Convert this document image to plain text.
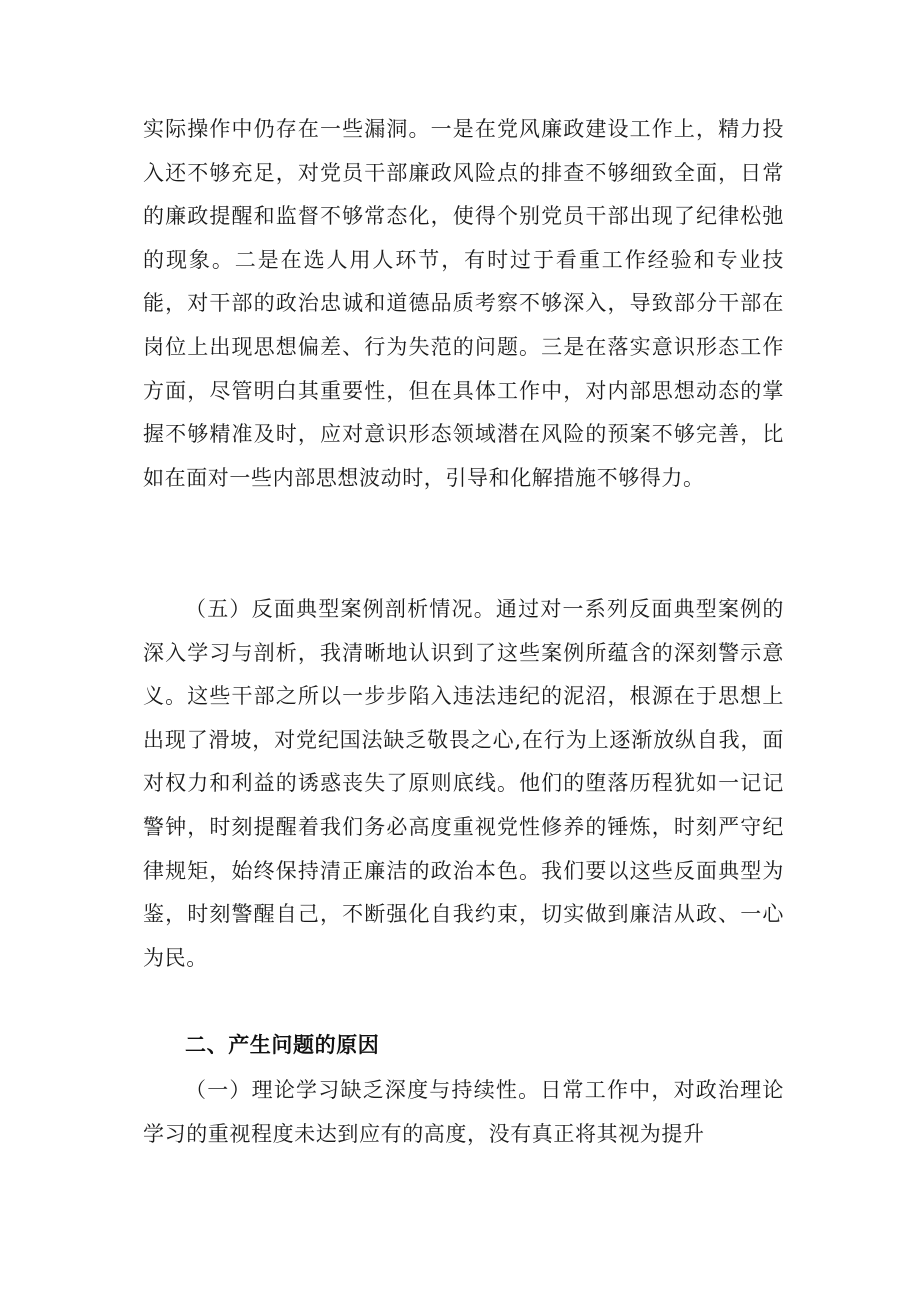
实际操作中仍存在一些漏洞。一是在党风廉政建设工作上，精力投入还不够充足，对党员干部廉政风险点的排查不够细致全面，日常的廉政提醒和监督不够常态化，使得个别党员干部出现了纪律松弛的现象。二是在选人用人环节，有时过于看重工作经验和专业技能，对干部的政治忠诚和道德品质考察不够深入，导致部分干部在岗位上出现思想偏差、行为失范的问题。三是在落实意识形态工作方面，尽管明白其重要性，但在具体工作中，对内部思想动态的掌握不够精准及时，应对意识形态领域潜在风险的预案不够完善，比如在面对一些内部思想波动时，引导和化解措施不够得力。

（五）反面典型案例剖析情况。通过对一系列反面典型案例的深入学习与剖析，我清晰地认识到了这些案例所蕴含的深刻警示意义。这些干部之所以一步步陷入违法违纪的泥沼，根源在于思想上出现了滑坡，对党纪国法缺乏敬畏之心,在行为上逐渐放纵自我，面对权力和利益的诱惑丧失了原则底线。他们的堕落历程犹如一记记警钟，时刻提醒着我们务必高度重视党性修养的锤炼，时刻严守纪律规矩，始终保持清正廉洁的政治本色。我们要以这些反面典型为鉴，时刻警醒自己，不断强化自我约束，切实做到廉洁从政、一心为民。

二、产生问题的原因

（一）理论学习缺乏深度与持续性。日常工作中，对政治理论学习的重视程度未达到应有的高度，没有真正将其视为提升
